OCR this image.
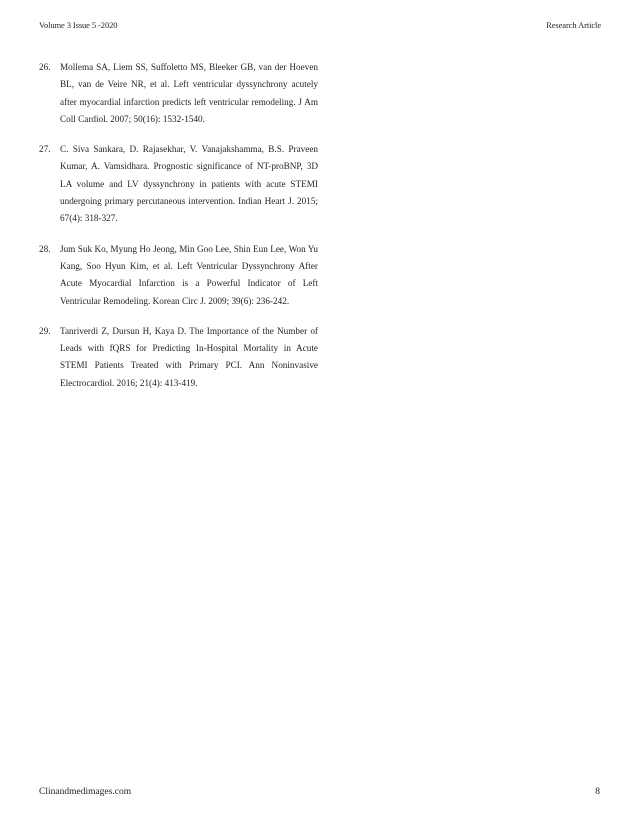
Volume 3 Issue 5 -2020	Research Article
26. Mollema SA, Liem SS, Suffoletto MS, Bleeker GB, van der Hoeven BL, van de Veire NR, et al. Left ventricular dyssynchrony acutely after myocardial infarction predicts left ventricular remodeling. J Am Coll Cardiol. 2007; 50(16): 1532-1540.
27. C. Siva Sankara, D. Rajasekhar, V. Vanajakshamma, B.S. Praveen Kumar, A. Vamsidhara. Prognostic significance of NT-proBNP, 3D LA volume and LV dyssynchrony in patients with acute STEMI undergoing primary percutaneous intervention. Indian Heart J. 2015; 67(4): 318-327.
28. Jum Suk Ko, Myung Ho Jeong, Min Goo Lee, Shin Eun Lee, Won Yu Kang, Soo Hyun Kim, et al. Left Ventricular Dyssynchrony After Acute Myocardial Infarction is a Powerful Indicator of Left Ventricular Remodeling. Korean Circ J. 2009; 39(6): 236-242.
29. Tanriverdi Z, Dursun H, Kaya D. The Importance of the Number of Leads with fQRS for Predicting In-Hospital Mortality in Acute STEMI Patients Treated with Primary PCI. Ann Noninvasive Electrocardiol. 2016; 21(4): 413-419.
Clinandmedimages.com	8
